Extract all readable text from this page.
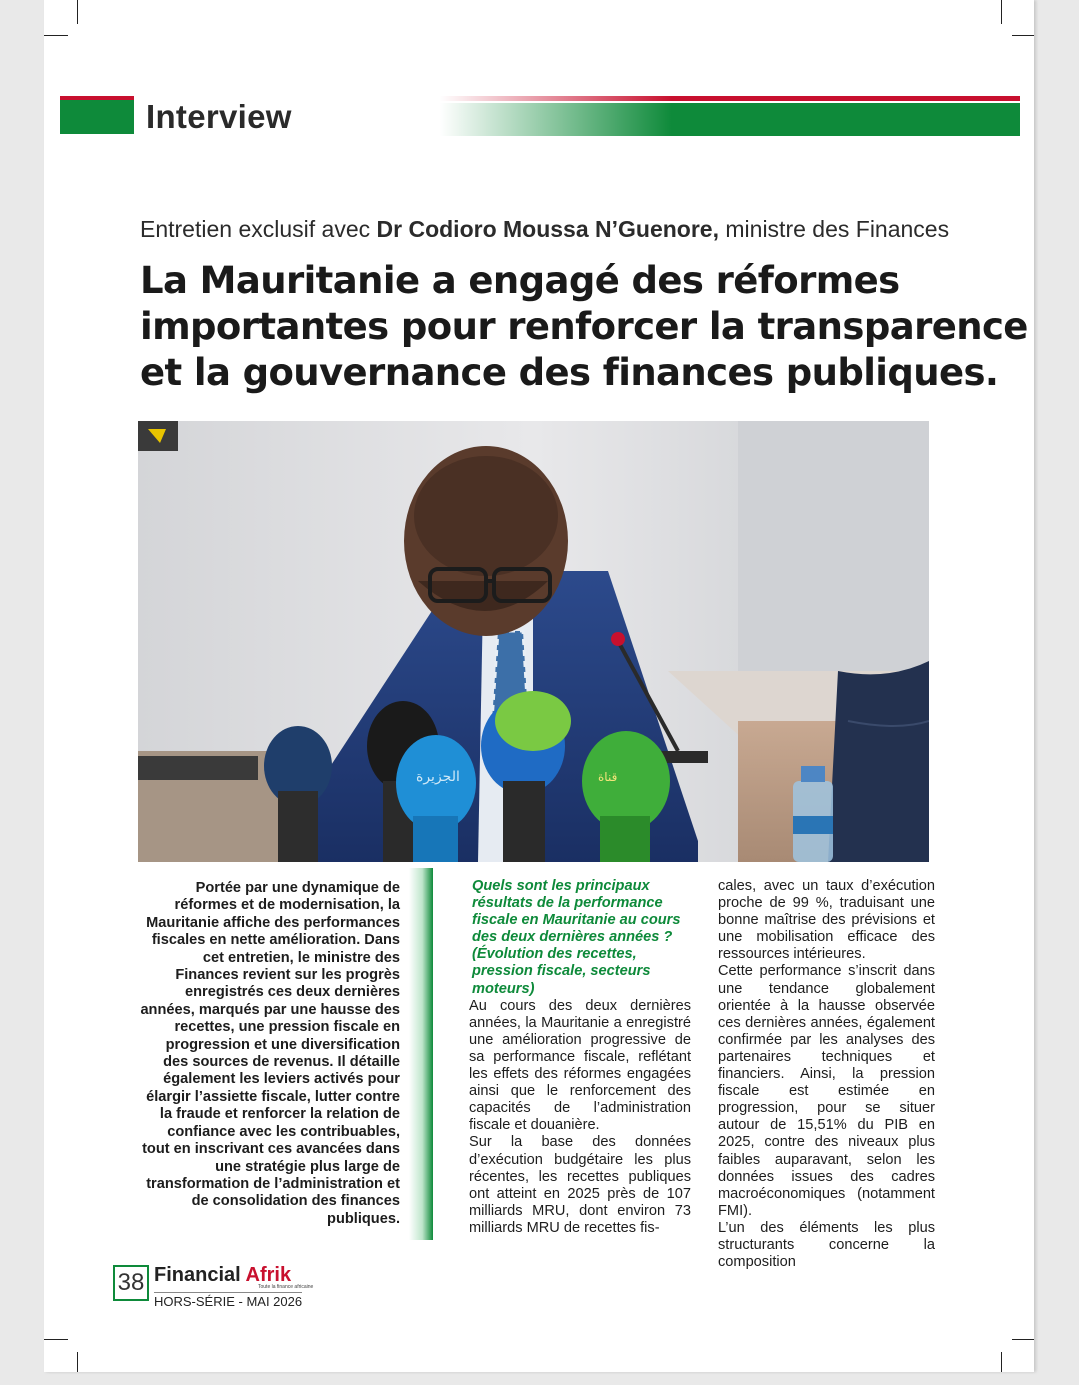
Interview
Entretien exclusif avec Dr Codioro Moussa N’Guenore, ministre des Finances
La Mauritanie a engagé des réformes
importantes pour renforcer la transparence
et la gouvernance des finances publiques.
الجزيرة	قناة
Portée par une dynamique de réformes et de modernisation, la Mauritanie affiche des performances fiscales en nette amélioration. Dans cet entretien, le ministre des Finances revient sur les progrès enregistrés ces deux dernières années, marqués par une hausse des recettes, une pression fiscale en progression et une diversification des sources de revenus. Il détaille également les leviers activés pour élargir l’assiette fiscale, lutter contre la fraude et renforcer la relation de confiance avec les contribuables, tout en inscrivant ces avancées dans une stratégie plus large de transformation de l’administration et de consolidation des finances publiques.

Quels sont les principaux résultats de la performance fiscale en Mauritanie au cours des deux dernières années ? (Évolution des recettes, pression fiscale, secteurs moteurs)

Au cours des deux dernières années, la Mauritanie a enregistré une amélioration progressive de sa performance fiscale, reflétant les effets des réformes engagées ainsi que le renforcement des capacités de l’administration fiscale et douanière.

Sur la base des données d’exécution budgétaire les plus récentes, les recettes publiques ont atteint en 2025 près de 107 milliards MRU, dont environ 73 milliards MRU de recettes fis-

cales, avec un taux d’exécution proche de 99 %, traduisant une bonne maîtrise des prévisions et une mobilisation efficace des ressources intérieures.

Cette performance s’inscrit dans une tendance globalement orientée à la hausse observée ces dernières années, également confirmée par les analyses des partenaires techniques et financiers. Ainsi, la pression fiscale est estimée en progression, pour se situer autour de 15,51% du PIB en 2025, contre des niveaux plus faibles auparavant, selon les données issues des cadres macroéconomiques (notamment FMI).

L’un des éléments les plus structurants concerne la composition

38 Financial Afrik
Toute la finance africaine
HORS-SÉRIE - MAI 2026
